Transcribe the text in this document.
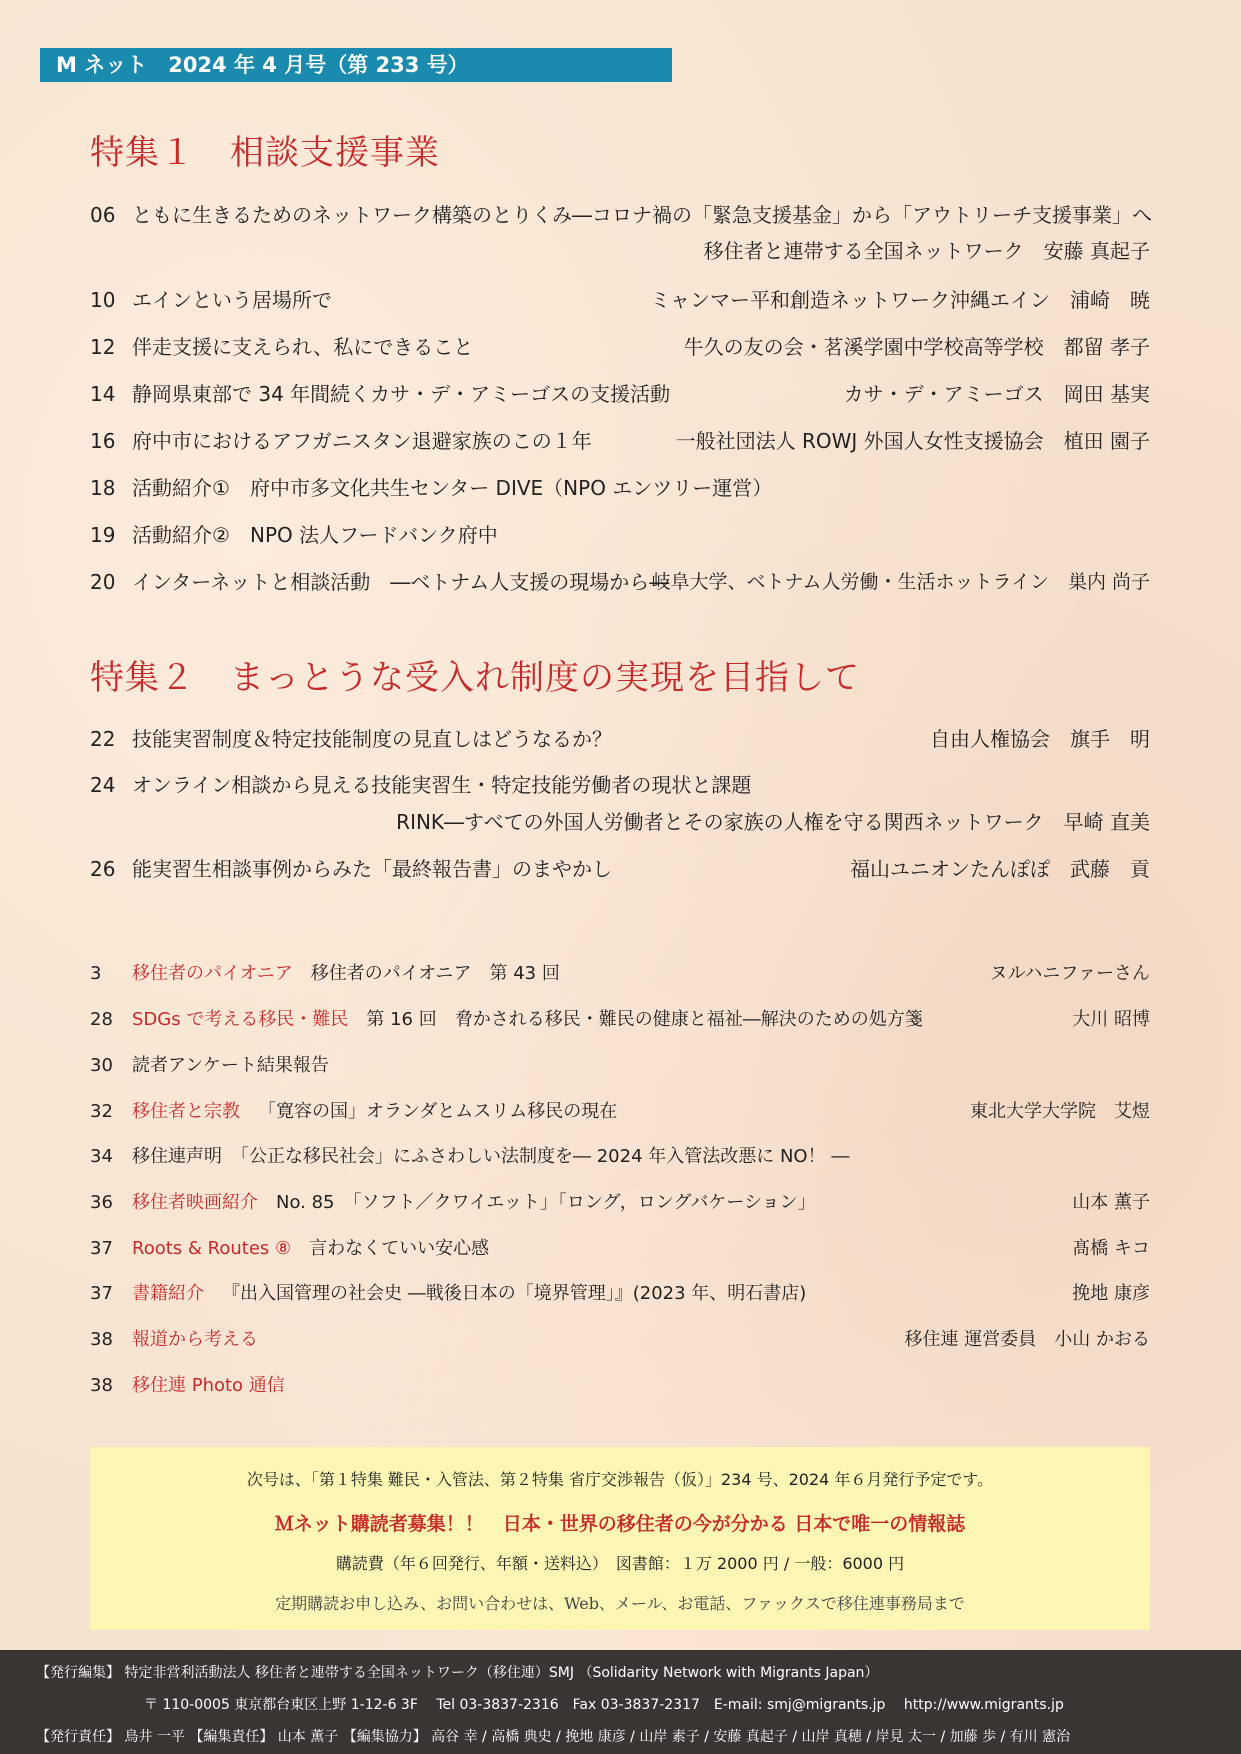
M ネット　2024 年 4 月号（第 233 号）
特集１　相談支援事業
06 ともに生きるためのネットワーク構築のとりくみ―コロナ禍の「緊急支援基金」から「アウトリーチ支援事業」へ
移住者と連帯する全国ネットワーク　安藤 真起子
10 エインという居場所で	ミャンマー平和創造ネットワーク沖縄エイン　浦崎　暁
12 伴走支援に支えられ、私にできること	牛久の友の会・茗溪学園中学校高等学校　都留 孝子
14 静岡県東部で 34 年間続くカサ・デ・アミーゴスの支援活動	カサ・デ・アミーゴス　岡田 基実
16 府中市におけるアフガニスタン退避家族のこの１年	一般社団法人 ROWJ 外国人女性支援協会　植田 園子
18 活動紹介① 府中市多文化共生センター DIVE（NPO エンツリー運営）
19 活動紹介② NPO 法人フードバンク府中
20 インターネットと相談活動　―ベトナム人支援の現場から―
岐阜大学、ベトナム人労働・生活ホットライン　巣内 尚子
特集２　まっとうな受入れ制度の実現を目指して
22 技能実習制度＆特定技能制度の見直しはどうなるか？	自由人権協会　旗手　明
24 オンライン相談から見える技能実習生・特定技能労働者の現状と課題
RINK―すべての外国人労働者とその家族の人権を守る関西ネットワーク　早崎 直美
26 能実習生相談事例からみた「最終報告書」のまやかし	福山ユニオンたんぽぽ　武藤　貢
3 移住者のパイオニア 移住者のパイオニア　第 43 回	ヌルハニファーさん
28 SDGs で考える移民・難民 第 16 回　脅かされる移民・難民の健康と福祉―解決のための処方箋	大川 昭博
30 読者アンケート結果報告
32 移住者と宗教 「寛容の国」オランダとムスリム移民の現在	東北大学大学院　艾煜
34 移住連声明　「公正な移民社会」にふさわしい法制度を― 2024 年入管法改悪に NO！ ―
36 移住者映画紹介 No. 85　「ソフト／クワイエット」「ロング，ロングバケーション」	山本 薫子
37 Roots & Routes ⑧ 言わなくていい安心感	髙橋 キコ
37 書籍紹介 『出入国管理の社会史 ―戦後日本の「境界管理」』(2023 年、明石書店)	挽地 康彦
38 報道から考える	移住連 運営委員　小山 かおる
38 移住連 Photo 通信
次号は、「第１特集 難民・入管法、第２特集 省庁交渉報告（仮）」234 号、2024 年６月発行予定です。
Ｍネット購読者募集！！　日本・世界の移住者の今が分かる 日本で唯一の情報誌
購読費（年６回発行、年額・送料込）　図書館：１万 2000 円 / 一般：6000 円
定期購読お申し込み、お問い合わせは、Web、メール、お電話、ファックスで移住連事務局まで
【発行編集】 特定非営利活動法人 移住者と連帯する全国ネットワーク（移住連）SMJ （Solidarity Network with Migrants Japan）
〒 110-0005 東京都台東区上野 1-12-6 3F　 Tel 03-3837-2316　Fax 03-3837-2317　E-mail: smj@migrants.jp　 http://www.migrants.jp
【発行責任】 鳥井 一平 【編集責任】 山本 薫子 【編集協力】 高谷 幸 / 高橋 典史 / 挽地 康彦 / 山岸 素子 / 安藤 真起子 / 山岸 真穂 / 岸見 太一 / 加藤 歩 / 有川 憲治
